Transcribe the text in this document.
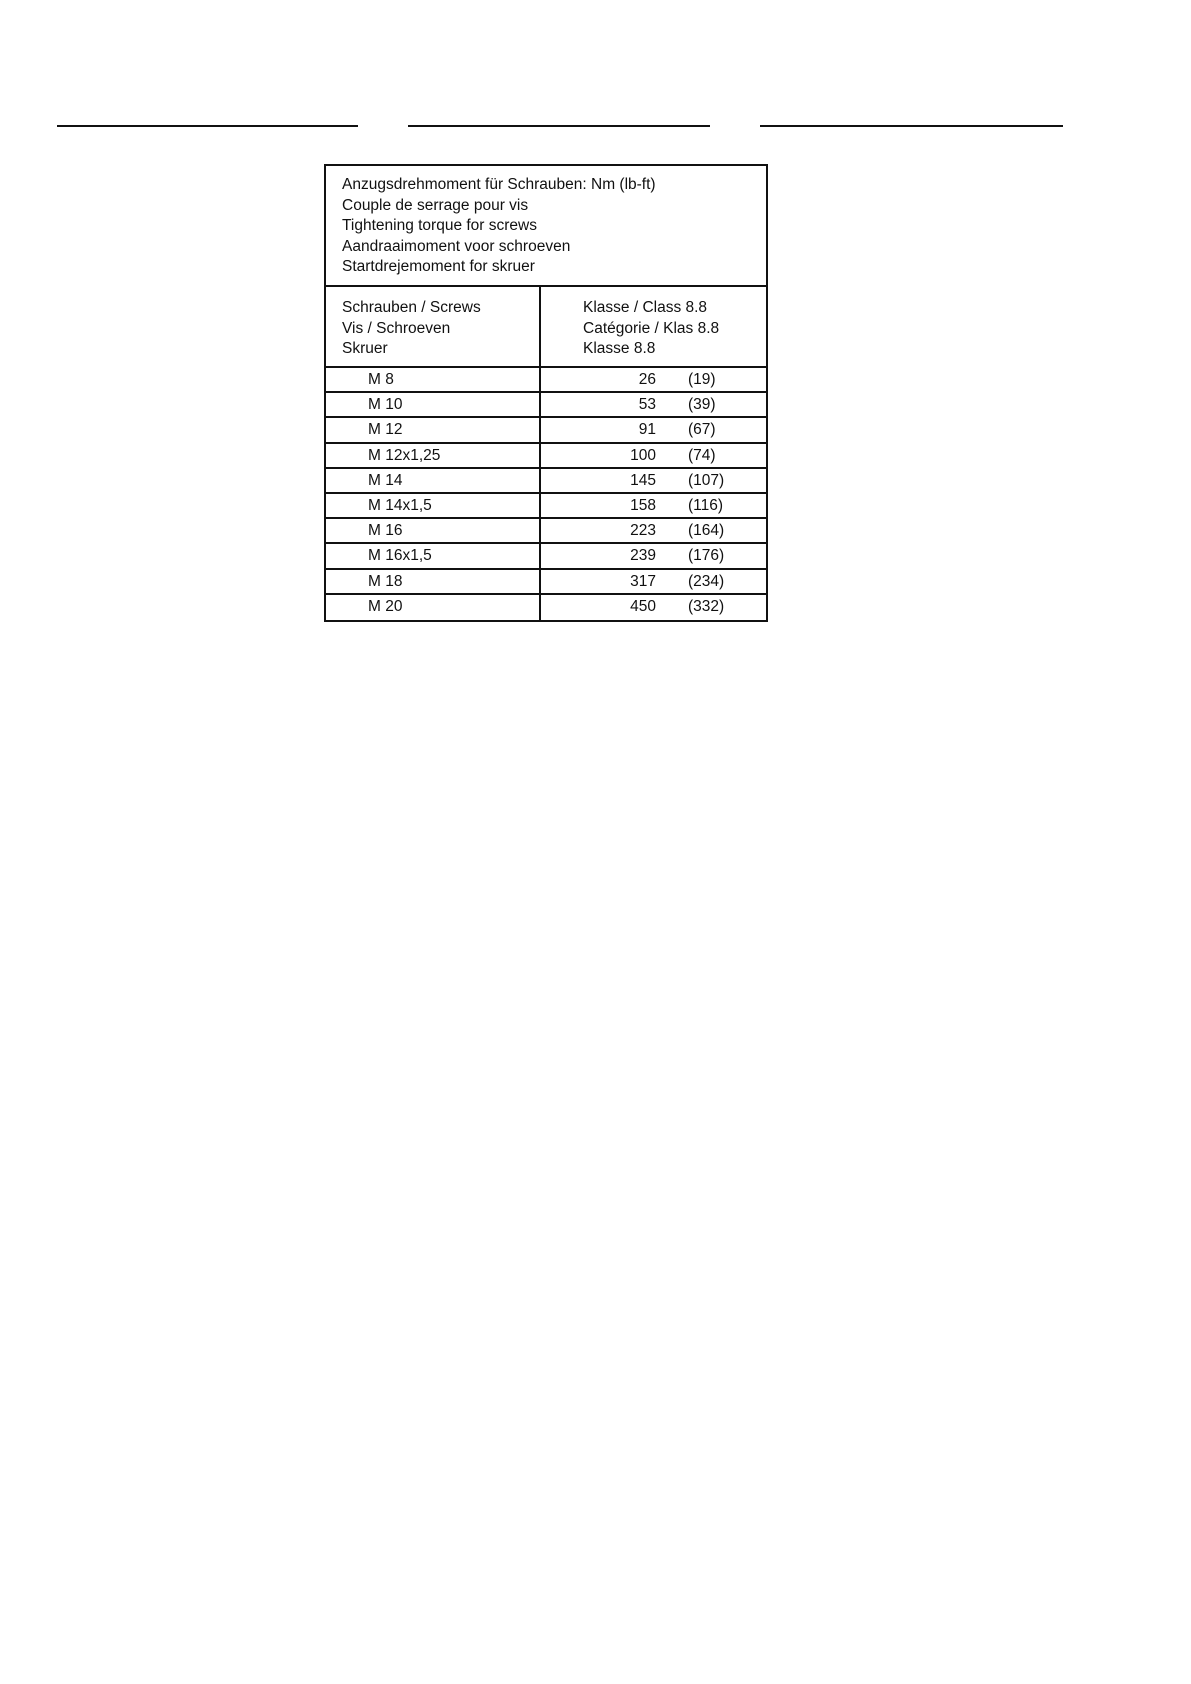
Anzugsdrehmoment für Schrauben: Nm (lb-ft)
Couple de serrage pour vis
Tightening torque for screws
Aandraaimoment voor schroeven
Startdrejemoment for skruer
Schrauben / Screws
Vis / Schroeven
Skruer
Klasse / Class 8.8
Catégorie / Klas 8.8
Klasse 8.8
M 8	26 (19)
M 10	53 (39)
M 12	91 (67)
M 12x1,25	100 (74)
M 14	145 (107)
M 14x1,5	158 (116)
M 16	223 (164)
M 16x1,5	239 (176)
M 18	317 (234)
M 20	450 (332)
